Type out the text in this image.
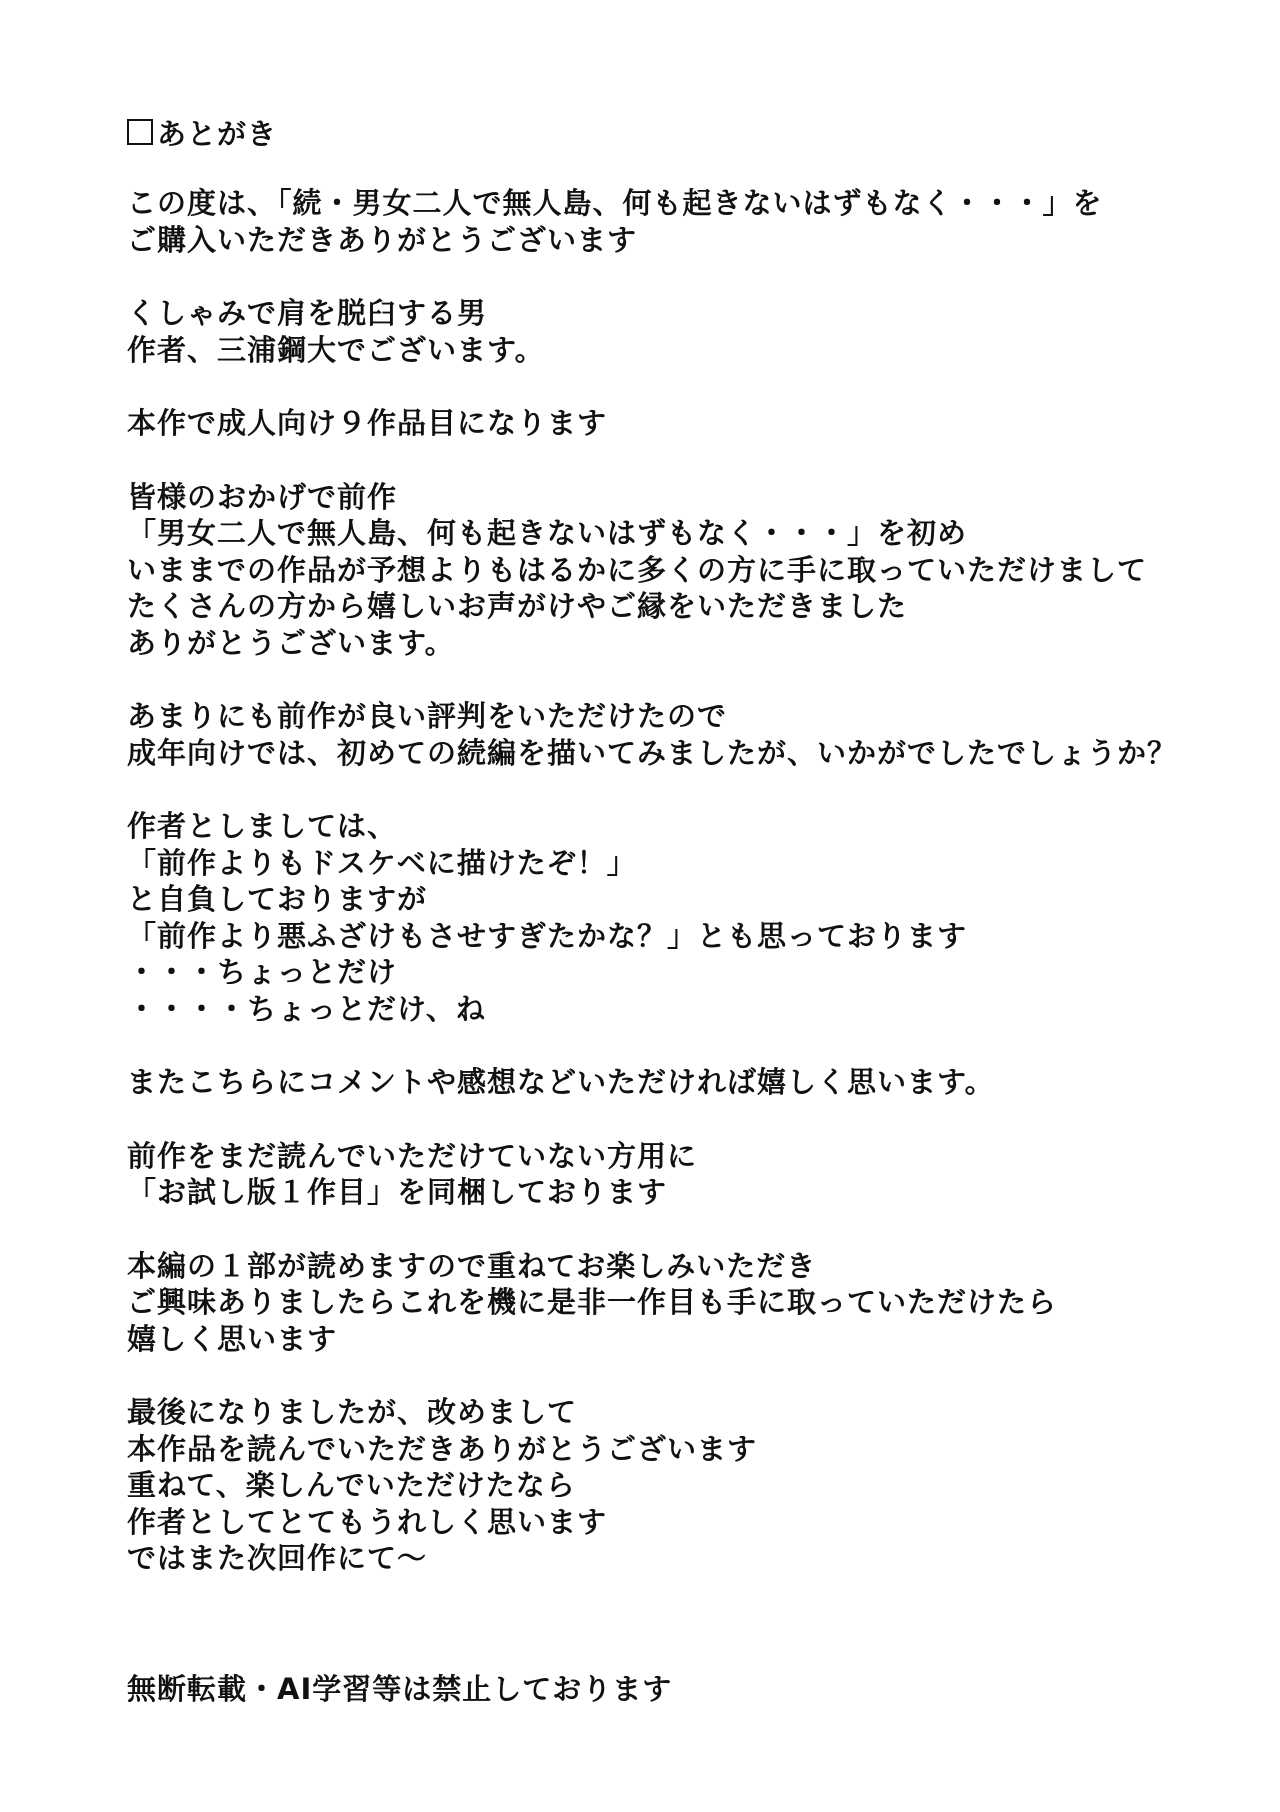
あとがき
この度は、「続・男女二人で無人島、何も起きないはずもなく・・・」を
ご購入いただきありがとうございます
くしゃみで肩を脱臼する男
作者、三浦鋼大でございます。
本作で成人向け９作品目になります
皆様のおかげで前作
「男女二人で無人島、何も起きないはずもなく・・・」を初め
いままでの作品が予想よりもはるかに多くの方に手に取っていただけまして
たくさんの方から嬉しいお声がけやご縁をいただきました
ありがとうございます。
あまりにも前作が良い評判をいただけたので
成年向けでは、初めての続編を描いてみましたが、いかがでしたでしょうか？
作者としましては、
「前作よりもドスケベに描けたぞ！」
と自負しておりますが
「前作より悪ふざけもさせすぎたかな？」とも思っております
・・・ちょっとだけ
・・・・ちょっとだけ、ね
またこちらにコメントや感想などいただければ嬉しく思います。
前作をまだ読んでいただけていない方用に
「お試し版１作目」を同梱しております
本編の１部が読めますので重ねてお楽しみいただき
ご興味ありましたらこれを機に是非一作目も手に取っていただけたら
嬉しく思います
最後になりましたが、改めまして
本作品を読んでいただきありがとうございます
重ねて、楽しんでいただけたなら
作者としてとてもうれしく思います
ではまた次回作にて～
無断転載・AI学習等は禁止しております
